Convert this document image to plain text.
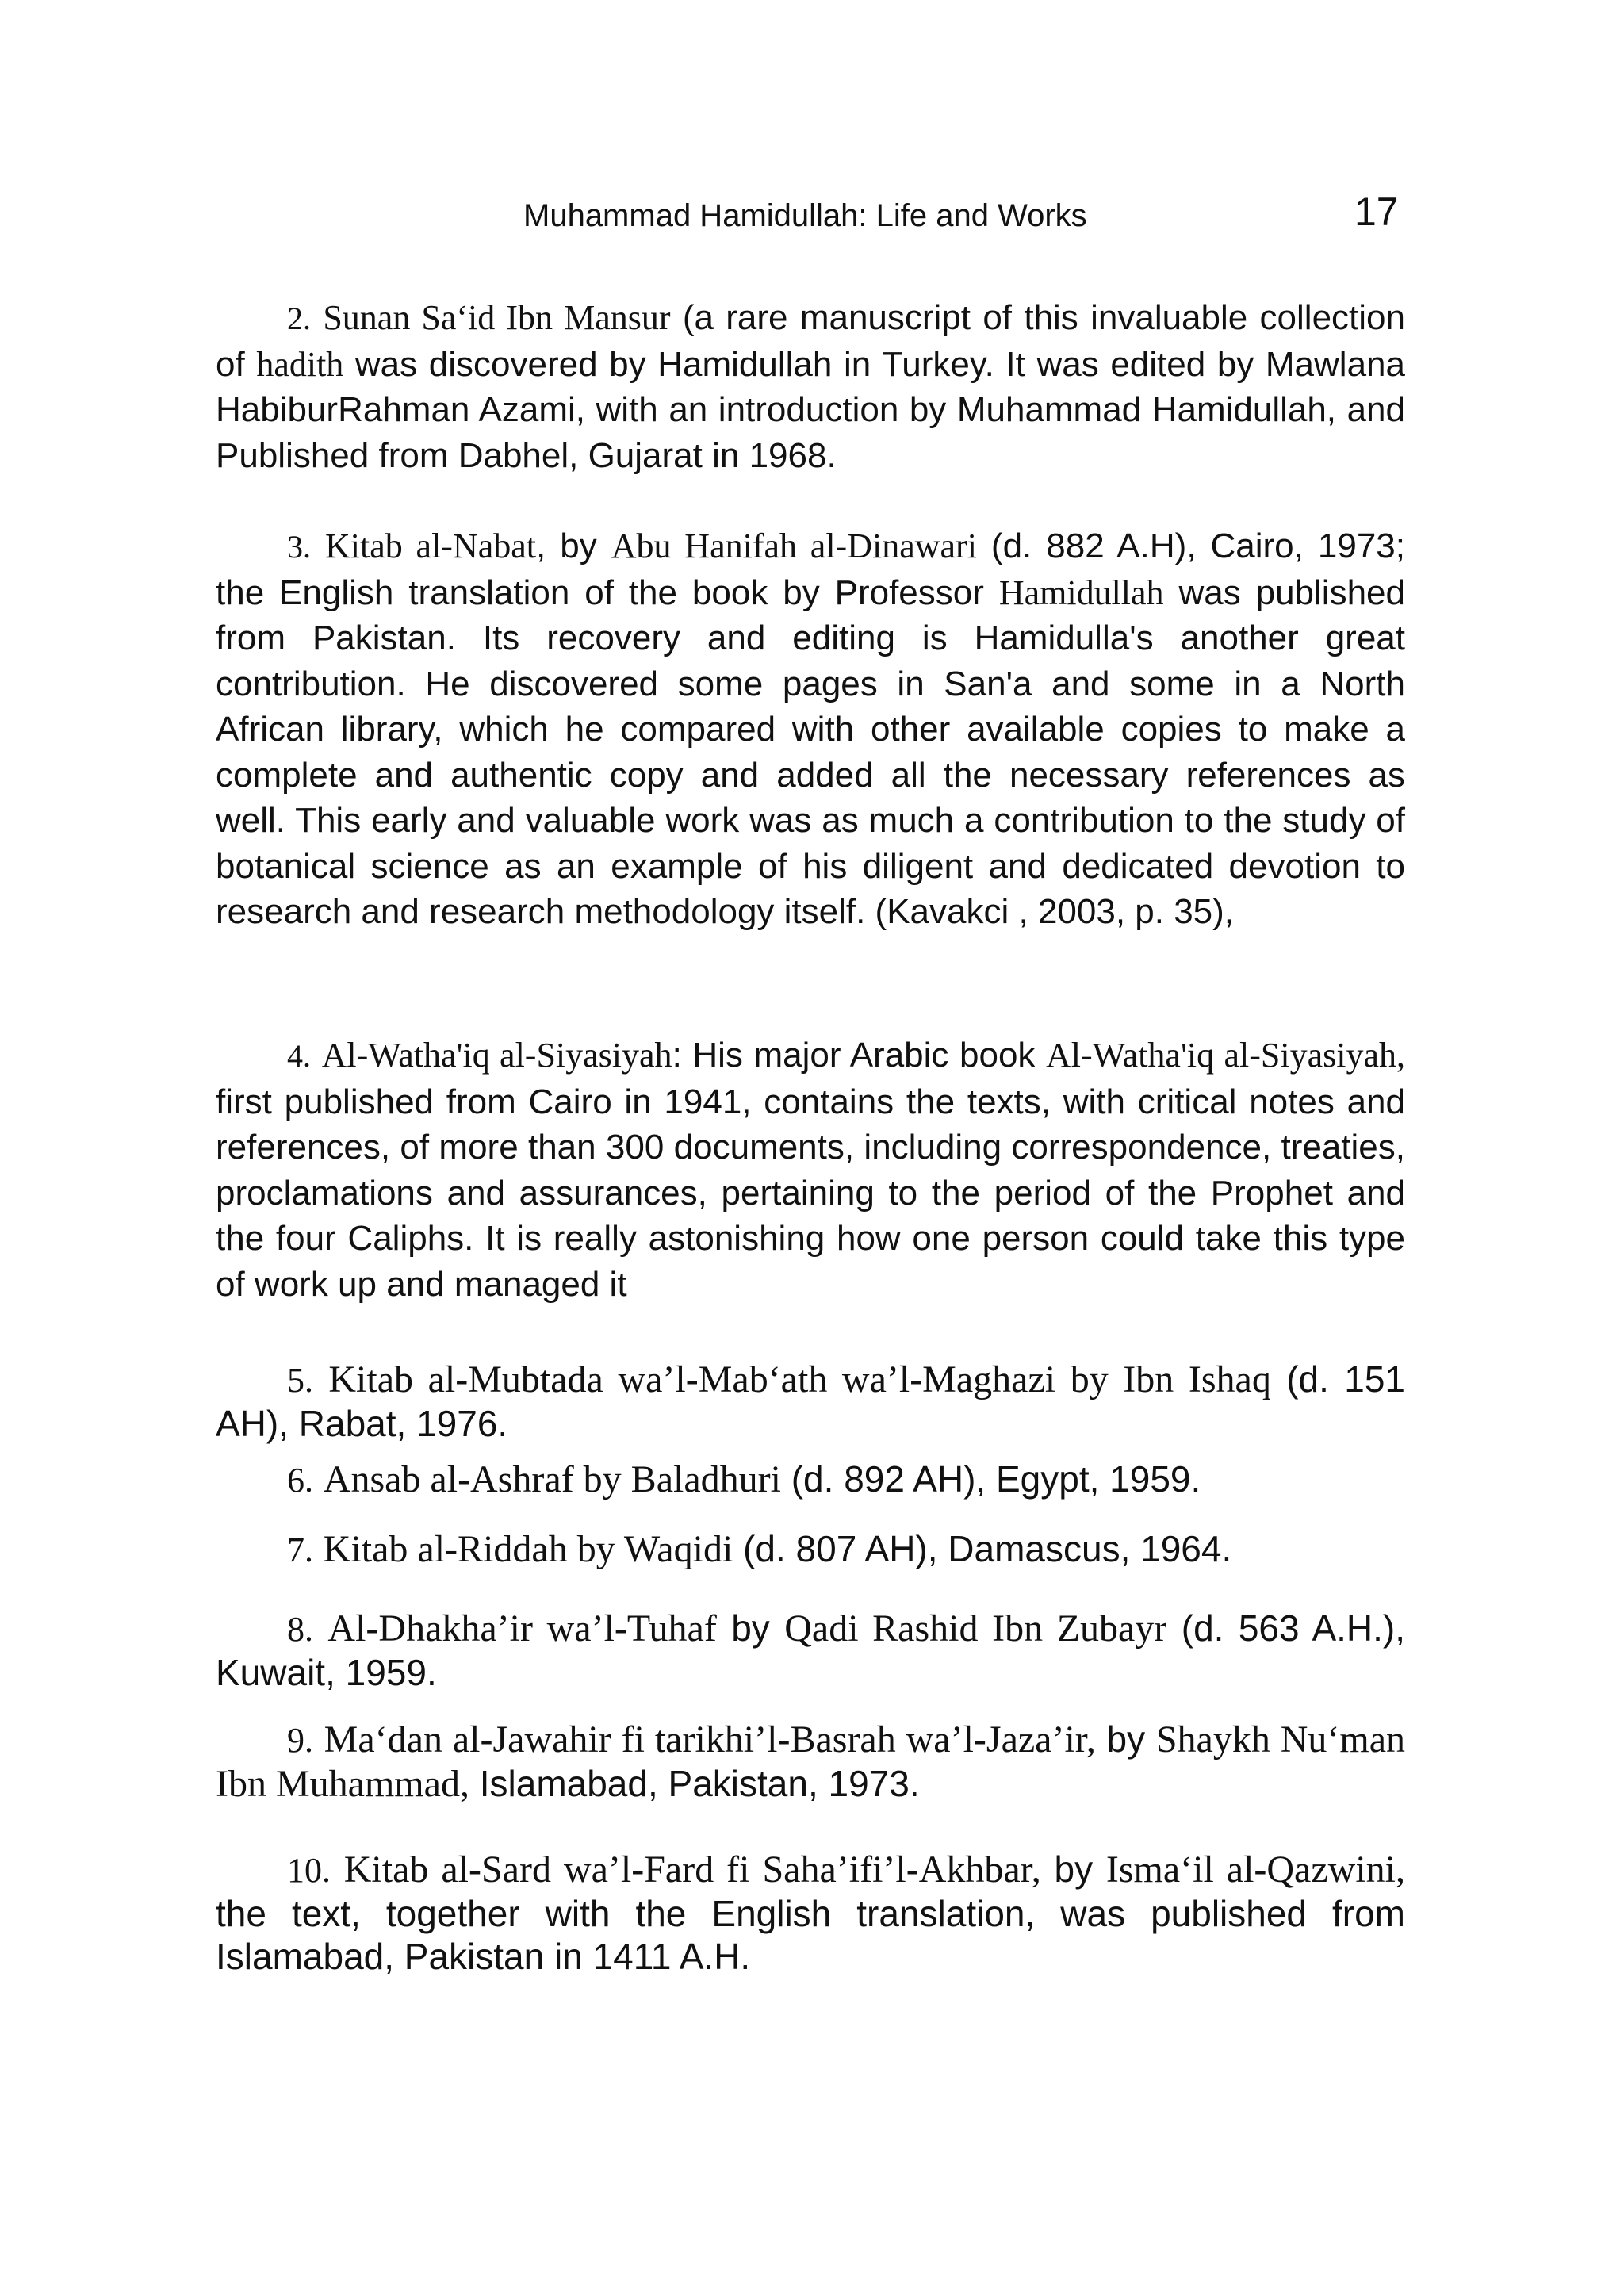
Muhammad Hamidullah: Life and Works	17

2. Sunan Sa‘id Ibn Mansur (a rare manuscript of this invaluable collection of hadith was discovered by Hamidullah in Turkey. It was edited by Mawlana HabiburRahman Azami, with an introduction by Muhammad Hamidullah, and Published from Dabhel, Gujarat in 1968.

3. Kitab al-Nabat, by Abu Hanifah al-Dinawari (d. 882 A.H), Cairo, 1973; the English translation of the book by Professor Hamidullah was published from Pakistan. Its recovery and editing is Hamidulla's another great contribution. He discovered some pages in San'a and some in a North African library, which he compared with other available copies to make a complete and authentic copy and added all the necessary references as well. This early and valuable work was as much a contribution to the study of botanical science as an example of his diligent and dedicated devotion to research and research methodology itself. (Kavakci , 2003, p. 35),

4. Al-Watha'iq al-Siyasiyah: His major Arabic book Al-Watha'iq al-Siyasiyah, first published from Cairo in 1941, contains the texts, with critical notes and references, of more than 300 documents, including correspondence, treaties, proclamations and assurances, pertaining to the period of the Prophet and the four Caliphs. It is really astonishing how one person could take this type of work up and managed it

5. Kitab al-Mubtada wa’l-Mab‘ath wa’l-Maghazi by Ibn Ishaq (d. 151 AH), Rabat, 1976.

6. Ansab al-Ashraf by Baladhuri (d. 892 AH), Egypt, 1959.

7. Kitab al-Riddah by Waqidi (d. 807 AH), Damascus, 1964.

8. Al-Dhakha’ir wa’l-Tuhaf by Qadi Rashid Ibn Zubayr (d. 563 A.H.), Kuwait, 1959.

9. Ma‘dan al-Jawahir fi tarikhi’l-Basrah wa’l-Jaza’ir, by Shaykh Nu‘man Ibn Muhammad, Islamabad, Pakistan, 1973.

10. Kitab al-Sard wa’l-Fard fi Saha’ifi’l-Akhbar, by Isma‘il al-Qazwini, the text, together with the English translation, was published from Islamabad, Pakistan in 1411 A.H.
